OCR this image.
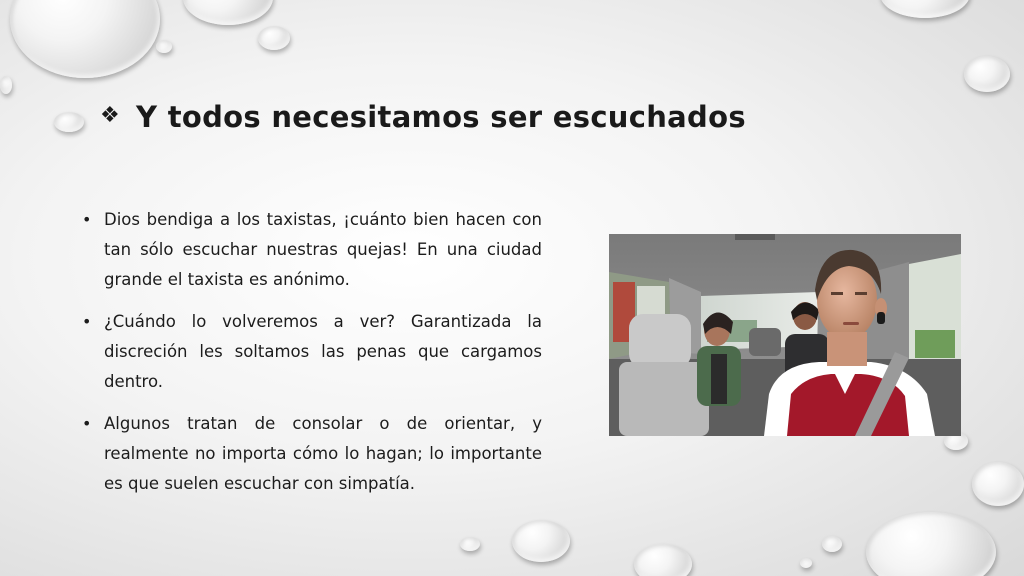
❖ Y todos necesitamos ser escuchados
• Dios bendiga a los taxistas, ¡cuánto bien hacen con tan sólo escuchar nuestras quejas! En una ciudad grande el taxista es anónimo.
• ¿Cuándo lo volveremos a ver? Garantizada la discreción les soltamos las penas que cargamos dentro.
• Algunos tratan de consolar o de orientar, y realmente no importa cómo lo hagan; lo importante es que suelen escuchar con simpatía.
